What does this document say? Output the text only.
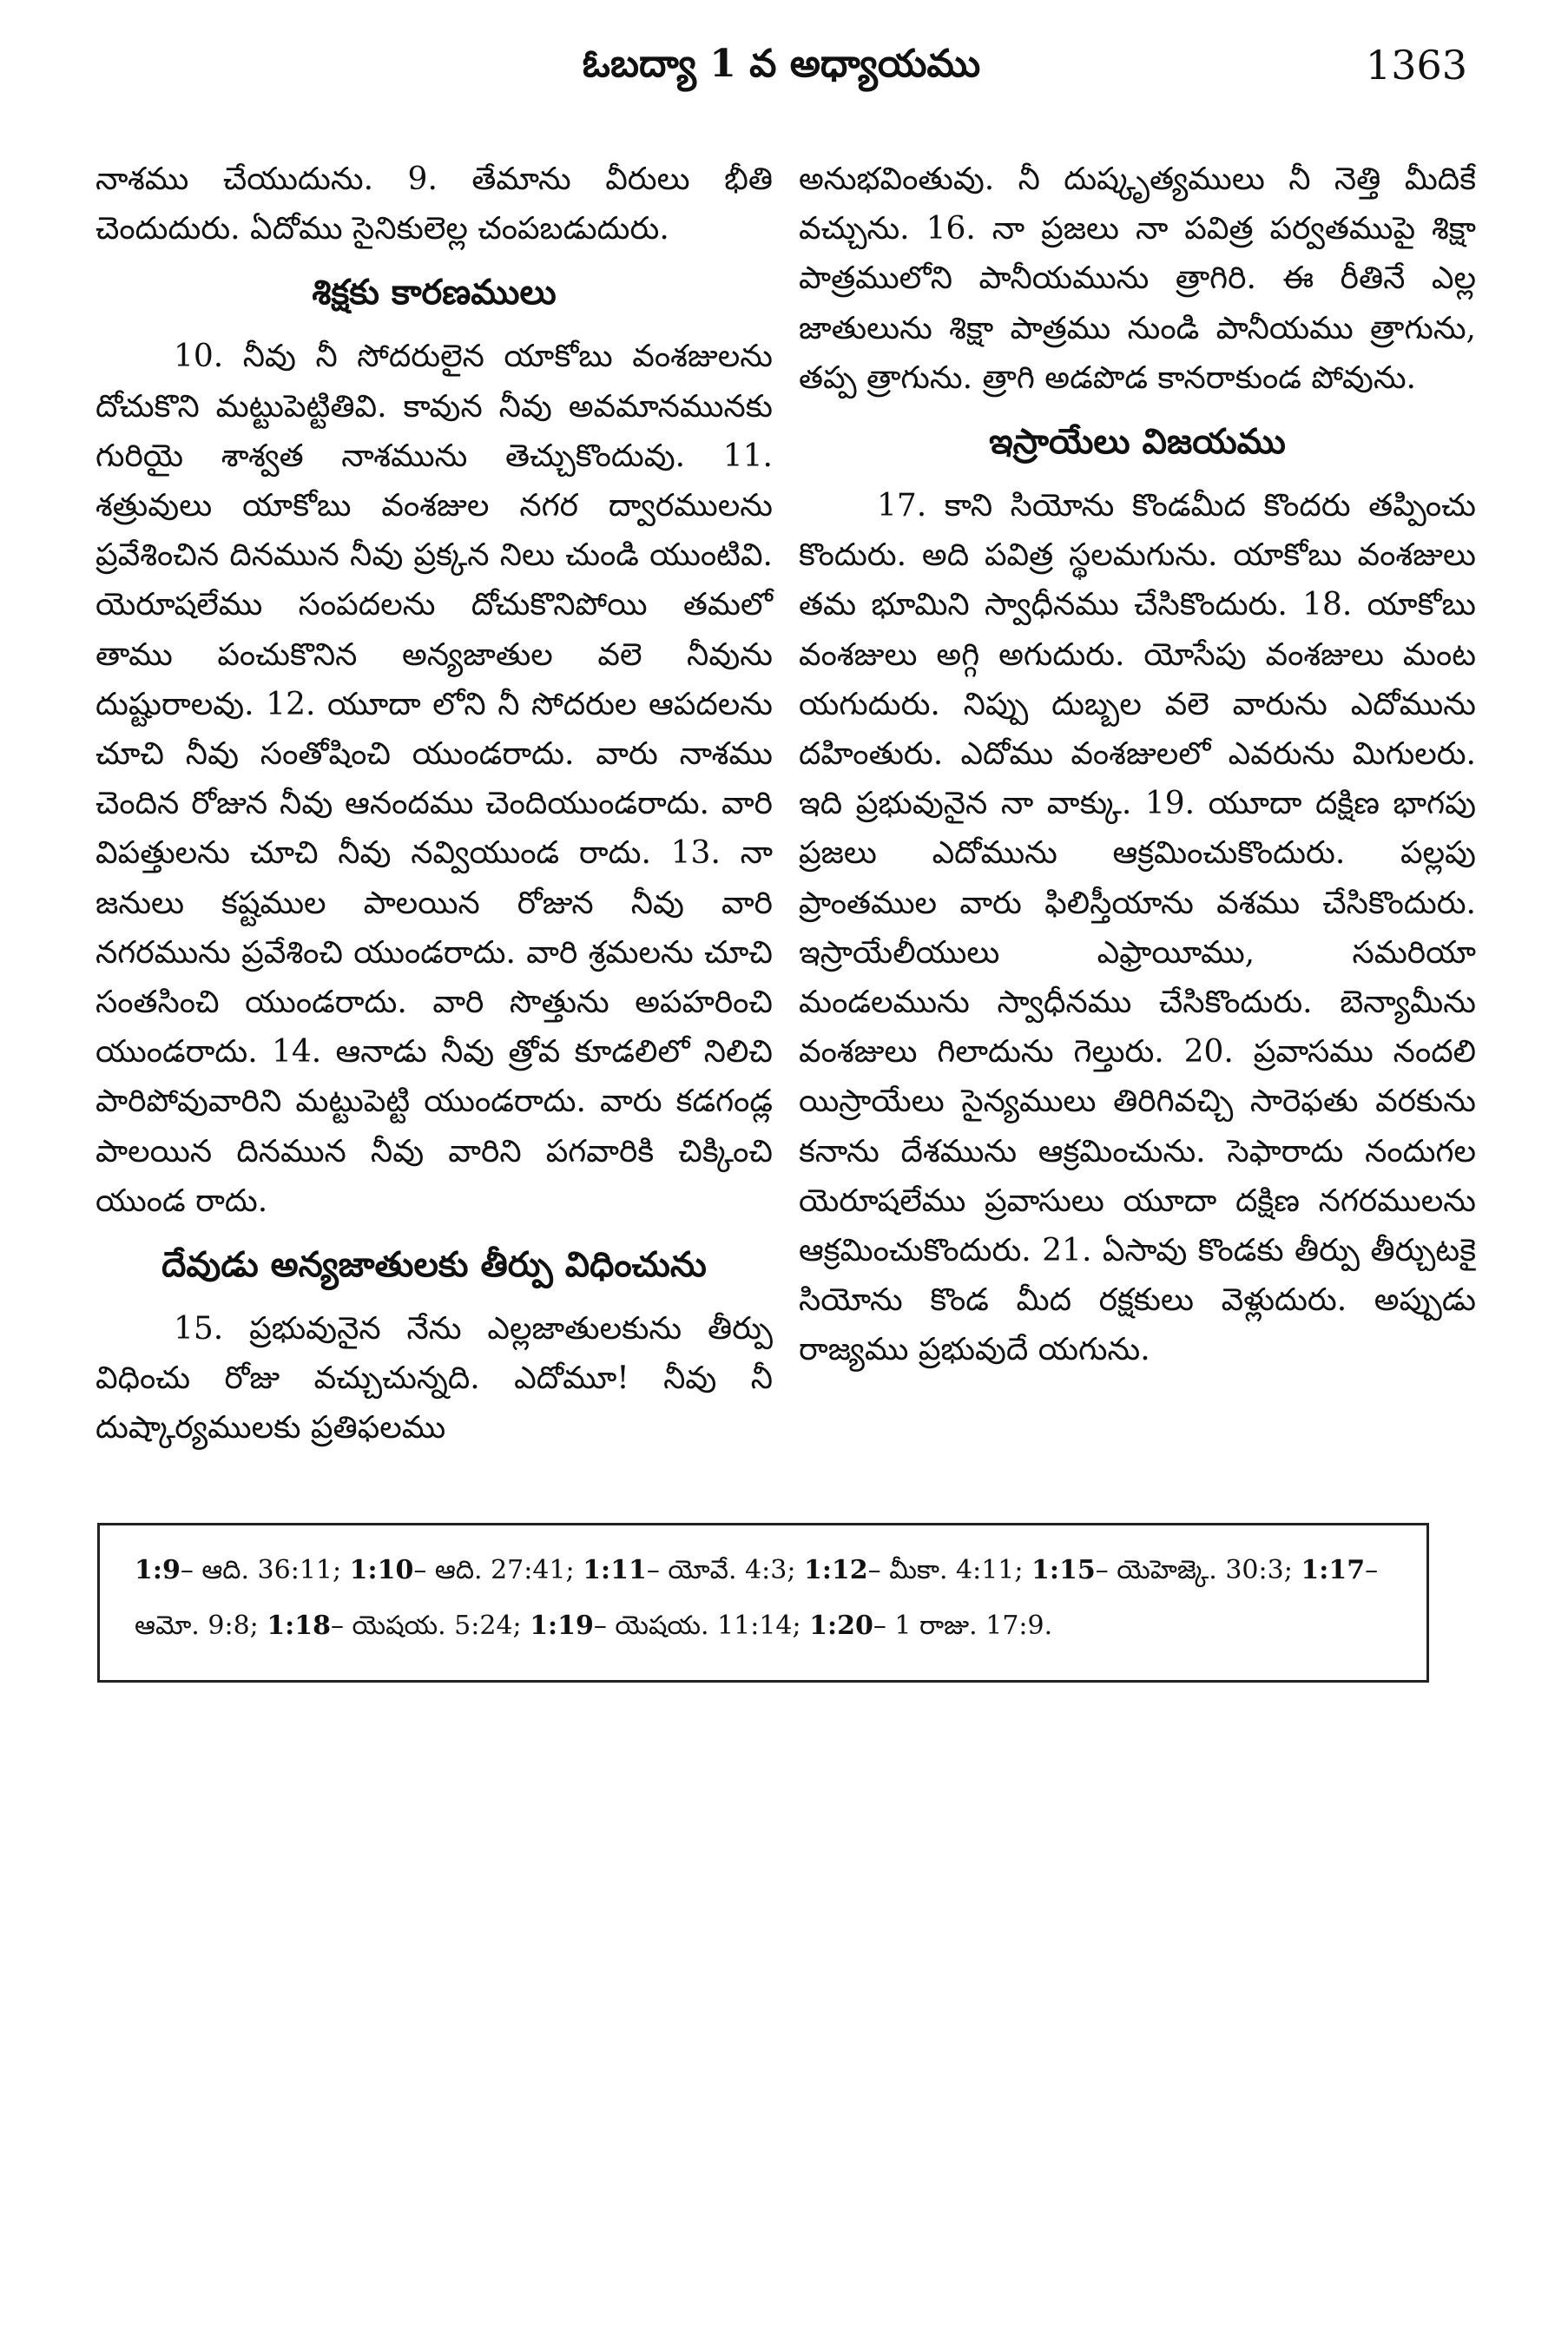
ఓబద్యా 1 వ అధ్యాయము	1363

నాశము చేయుదును. 9. తేమాను వీరులు భీతి చెందుదురు. ఏదోము సైనికులెల్ల చంపబడుదురు.

శిక్షకు కారణములు

10. నీవు నీ సోదరులైన యాకోబు వంశజులను దోచుకొని మట్టుపెట్టితివి. కావున నీవు అవమానమునకు గురియై శాశ్వత నాశమును తెచ్చుకొందువు. 11. శత్రువులు యాకోబు వంశజుల నగర ద్వారములను ప్రవేశించిన దినమున నీవు ప్రక్కన నిలు చుండి యుంటివి. యెరూషలేము సంపదలను దోచుకొనిపోయి తమలో తాము పంచుకొనిన అన్యజాతుల వలె నీవును దుష్టురాలవు. 12. యూదా లోని నీ సోదరుల ఆపదలను చూచి నీవు సంతోషించి యుండరాదు. వారు నాశము చెందిన రోజున నీవు ఆనందము చెందియుండరాదు. వారి విపత్తులను చూచి నీవు నవ్వియుండ రాదు. 13. నా జనులు కష్టముల పాలయిన రోజున నీవు వారి నగరమును ప్రవేశించి యుండరాదు. వారి శ్రమలను చూచి సంతసించి యుండరాదు. వారి సొత్తును అపహరించి యుండరాదు. 14. ఆనాడు నీవు త్రోవ కూడలిలో నిలిచి పారిపోవువారిని మట్టుపెట్టి యుండరాదు. వారు కడగండ్ల పాలయిన దినమున నీవు వారిని పగవారికి చిక్కించి యుండ రాదు.

దేవుడు అన్యజాతులకు తీర్పు విధించును

15. ప్రభువునైన నేను ఎల్లజాతులకును తీర్పు విధించు రోజు వచ్చుచున్నది. ఎదోమూ! నీవు నీ దుష్కార్యములకు ప్రతిఫలము

అనుభవింతువు. నీ దుష్కృత్యములు నీ నెత్తి మీదికే వచ్చును. 16. నా ప్రజలు నా పవిత్ర పర్వతముపై శిక్షా పాత్రములోని పానీయమును త్రాగిరి. ఈ రీతినే ఎల్ల జాతులును శిక్షా పాత్రము నుండి పానీయము త్రాగును, తప్ప త్రాగును. త్రాగి అడపొడ కానరాకుండ పోవును.

ఇస్రాయేలు విజయము

17. కాని సియోను కొండమీద కొందరు తప్పించు కొందురు. అది పవిత్ర స్థలమగును. యాకోబు వంశజులు తమ భూమిని స్వాధీనము చేసికొందురు. 18. యాకోబు వంశజులు అగ్గి అగుదురు. యోసేపు వంశజులు మంట యగుదురు. నిప్పు దుబ్బల వలె వారును ఎదోమును దహింతురు. ఎదోము వంశజులలో ఎవరును మిగులరు. ఇది ప్రభువునైన నా వాక్కు. 19. యూదా దక్షిణ భాగపు ప్రజలు ఎదోమును ఆక్రమించుకొందురు. పల్లపు ప్రాంతముల వారు ఫిలిస్తీయాను వశము చేసికొందురు. ఇస్రాయేలీయులు ఎఫ్రాయీము, సమరియా మండలమును స్వాధీనము చేసికొందురు. బెన్యామీను వంశజులు గిలాదును గెల్తురు. 20. ప్రవాసము నందలి యిస్రాయేలు సైన్యములు తిరిగివచ్చి సారెఫతు వరకును కనాను దేశమును ఆక్రమించును. సెఫారాదు నందుగల యెరూషలేము ప్రవాసులు యూదా దక్షిణ నగరములను ఆక్రమించుకొందురు. 21. ఏసావు కొండకు తీర్పు తీర్చుటకై సియోను కొండ మీద రక్షకులు వెళ్లుదురు. అప్పుడు రాజ్యము ప్రభువుదే యగును.

1:9– ఆది. 36:11; 1:10– ఆది. 27:41; 1:11– యోవే. 4:3; 1:12– మీకా. 4:11; 1:15– యెహెజ్కె. 30:3; 1:17– ఆమో. 9:8; 1:18– యెషయ. 5:24; 1:19– యెషయ. 11:14; 1:20– 1 రాజు. 17:9.
